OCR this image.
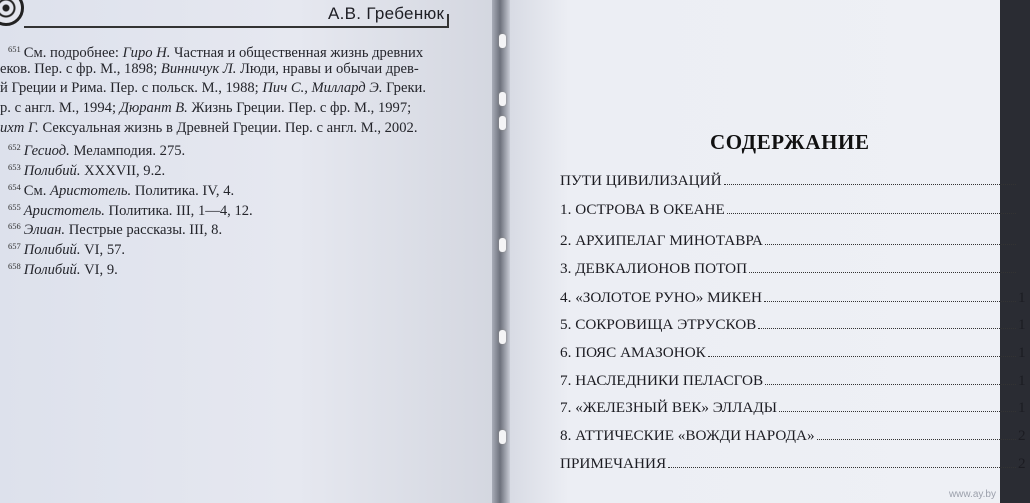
А.В. Гребенюк
$^{651}$ См. подробнее: Гиро Н. Частная и общественная жизнь древних
еков. Пер. с фр. М., 1898; Винничук Л. Люди, нравы и обычаи древ-
й Греции и Рима. Пер. с польск. М., 1988; Пич С., Миллард Э. Греки.
р. с англ. М., 1994; Дюрант В. Жизнь Греции. Пер. с фр. М., 1997;
ихт Г. Сексуальная жизнь в Древней Греции. Пер. с англ. М., 2002.
$^{652}$ Гесиод. Меламподия. 275.
$^{653}$ Полибий. XXXVII, 9.2.
$^{654}$ См. Аристотель. Политика. IV, 4.
$^{655}$ Аристотель. Политика. III, 1—4, 12.
$^{656}$ Элиан. Пестрые рассказы. III, 8.
$^{657}$ Полибий. VI, 57.
$^{658}$ Полибий. VI, 9.

СОДЕРЖАНИЕ
ПУТИ ЦИВИЛИЗАЦИЙ
1. ОСТРОВА В ОКЕАНЕ
2. АРХИПЕЛАГ МИНОТАВРА
3. ДЕВКАЛИОНОВ ПОТОП
4. «ЗОЛОТОЕ РУНО» МИКЕН	1
5. СОКРОВИЩА ЭТРУСКОВ	1
6. ПОЯС АМАЗОНОК	1
7. НАСЛЕДНИКИ ПЕЛАСГОВ	1
7. «ЖЕЛЕЗНЫЙ ВЕК» ЭЛЛАДЫ	1
8. АТТИЧЕСКИЕ «ВОЖДИ НАРОДА»	2
ПРИМЕЧАНИЯ	2
www.ay.by
